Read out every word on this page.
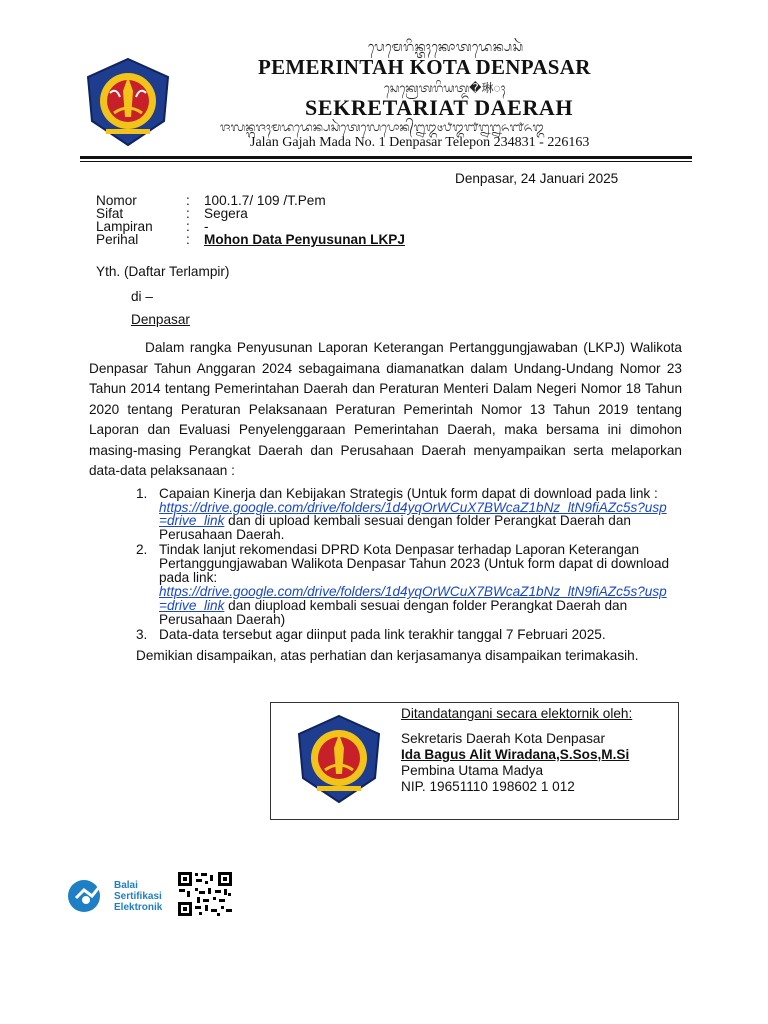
ᬧᬾᬫᬾᬭᬶᬦ᭄ᬢᬄᬓᭀᬢᬤᬾᬦ᭄ᬧᬲᬃ
PEMERINTAH KOTA DENPASAR
ᬲᬾᬓ᭄ᬭᬾᬢᬭᬶᬬᬢ᭄ᬤ�琳ᬄ
SEKRETARIAT DAERAH
ᬚᬮᬦ᭄ᬕᬚᬄᬫᬤᬤᬾᬦ᭄ᬧᬲᬃᬢᬾᬮᬾᬧᭀᬦ᭄᭒᭓᭔᭘᭓᭑᭒᭒᭖᭑᭖᭓
Jalan Gajah Mada No. 1 Denpasar Telepon 234831 - 226163
Denpasar, 24 Januari 2025
Nomor	: 100.1.7/ 109 /T.Pem
Sifat	: Segera
Lampiran : -
Perihal	: Mohon Data Penyusunan LKPJ
Yth. (Daftar Terlampir)
di –
Denpasar
Dalam rangka Penyusunan Laporan Keterangan Pertanggungjawaban (LKPJ) Walikota Denpasar Tahun Anggaran 2024 sebagaimana diamanatkan dalam Undang-Undang Nomor 23 Tahun 2014 tentang Pemerintahan Daerah dan Peraturan Menteri Dalam Negeri Nomor 18 Tahun 2020 tentang Peraturan Pelaksanaan Peraturan Pemerintah Nomor 13 Tahun 2019 tentang Laporan dan Evaluasi Penyelenggaraan Pemerintahan Daerah, maka bersama ini dimohon masing-masing Perangkat Daerah dan Perusahaan Daerah menyampaikan serta melaporkan data-data pelaksanaan :
1. Capaian Kinerja dan Kebijakan Strategis (Untuk form dapat di download pada link :
https://drive.google.com/drive/folders/1d4yqOrWCuX7BWcaZ1bNz_ltN9fiAZc5s?usp
=drive_link dan di upload kembali sesuai dengan folder Perangkat Daerah dan
Perusahaan Daerah.
2. Tindak lanjut rekomendasi DPRD Kota Denpasar terhadap Laporan Keterangan
Pertanggungjawaban Walikota Denpasar Tahun 2023 (Untuk form dapat di download
pada link:
https://drive.google.com/drive/folders/1d4yqOrWCuX7BWcaZ1bNz_ltN9fiAZc5s?usp
=drive_link dan diupload kembali sesuai dengan folder Perangkat Daerah dan
Perusahaan Daerah)
3. Data-data tersebut agar diinput pada link terakhir tanggal 7 Februari 2025.
Demikian disampaikan, atas perhatian dan kerjasamanya disampaikan terimakasih.
Ditandatangani secara elektornik oleh:
Sekretaris Daerah Kota Denpasar
Ida Bagus Alit Wiradana,S.Sos,M.Si
Pembina Utama Madya
NIP. 19651110 198602 1 012
Balai
Sertifikasi
Elektronik
